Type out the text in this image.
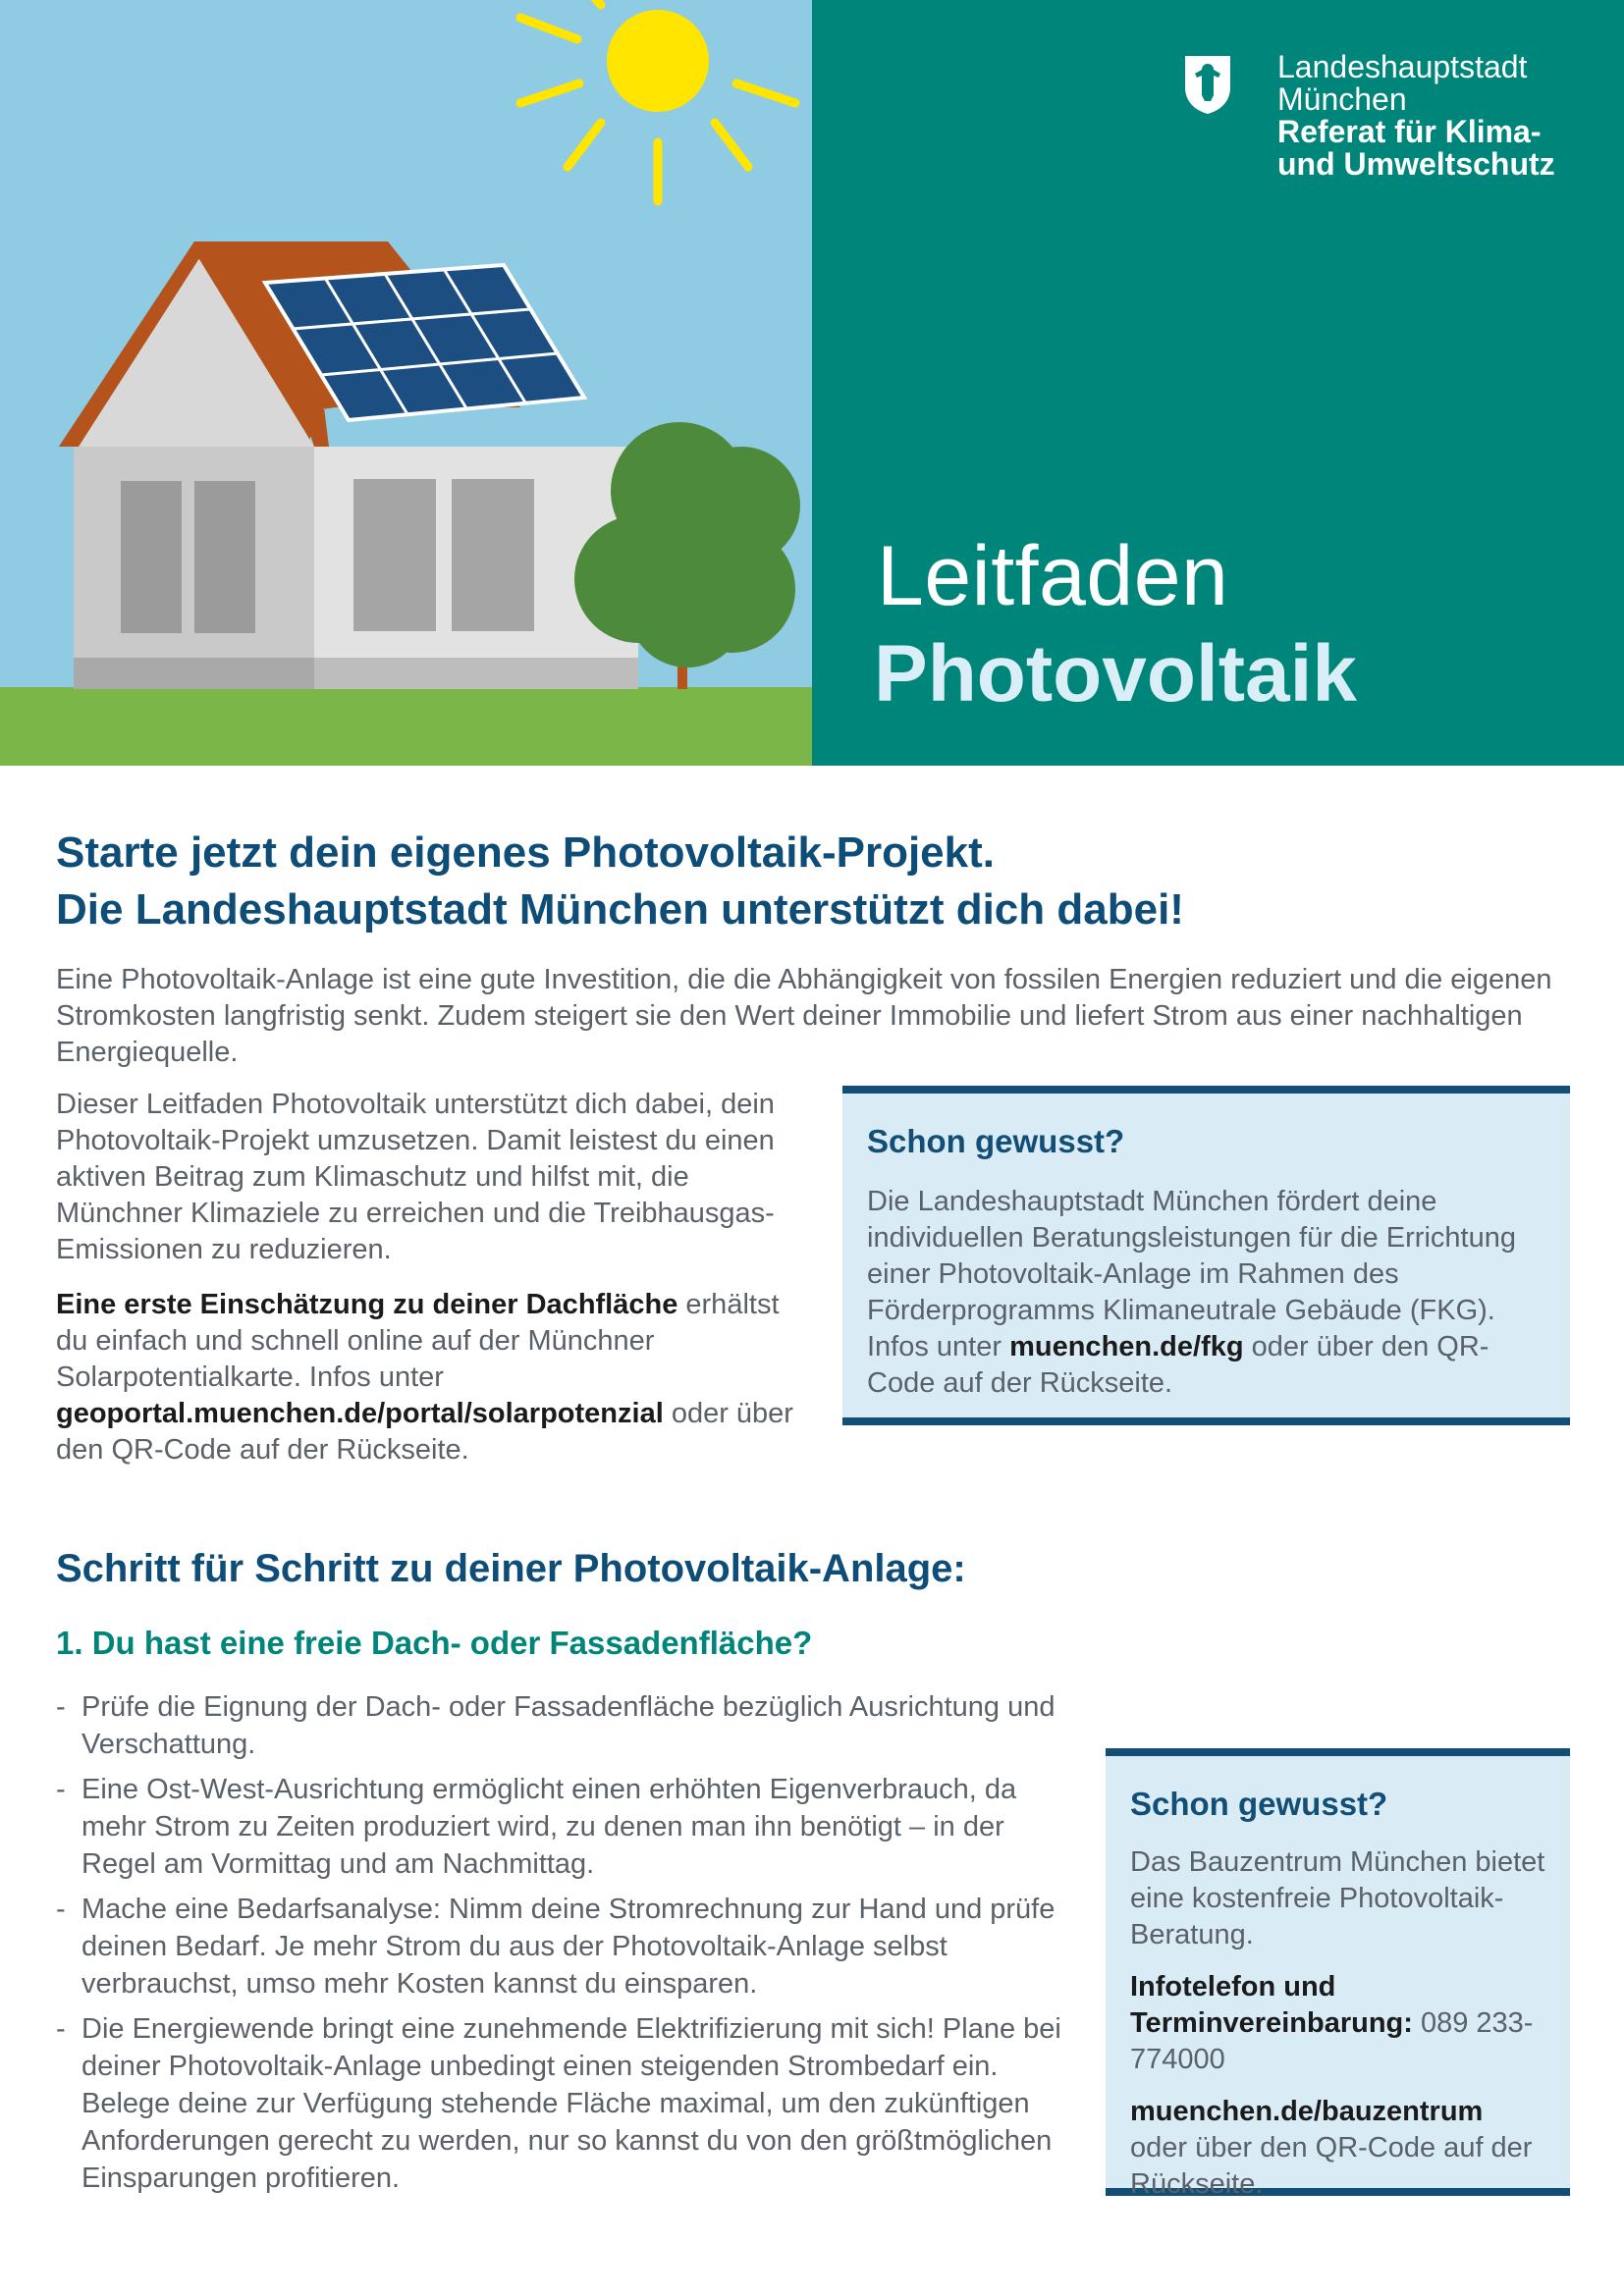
Landeshauptstadt
München
Referat für Klima-
und Umweltschutz
Leitfaden
Photovoltaik
Starte jetzt dein eigenes Photovoltaik-Projekt.
Die Landeshauptstadt München unterstützt dich dabei!

Eine Photovoltaik-Anlage ist eine gute Investition, die die Abhängigkeit von fossilen Energien reduziert und die eigenen Stromkosten langfristig senkt. Zudem steigert sie den Wert deiner Immobilie und liefert Strom aus einer nachhaltigen Energiequelle.

Dieser Leitfaden Photovoltaik unterstützt dich dabei, dein Photovoltaik-Projekt umzusetzen. Damit leistest du einen aktiven Beitrag zum Klimaschutz und hilfst mit, die Münchner Klimaziele zu erreichen und die Treibhausgas-Emissionen zu reduzieren.

Eine erste Einschätzung zu deiner Dachfläche erhältst du einfach und schnell online auf der Münchner Solarpotentialkarte. Infos unter geoportal.muenchen.de/portal/solarpotenzial oder über den QR-Code auf der Rückseite.

Schon gewusst?

Die Landeshauptstadt München fördert deine individuellen Beratungsleistungen für die Errichtung einer Photovoltaik-Anlage im Rahmen des Förderprogramms Klimaneutrale Gebäude (FKG). Infos unter muenchen.de/fkg oder über den QR-Code auf der Rückseite.

Schritt für Schritt zu deiner Photovoltaik-Anlage:
1. Du hast eine freie Dach- oder Fassadenfläche?
- Prüfe die Eignung der Dach- oder Fassadenfläche bezüglich Ausrichtung und Verschattung.
- Eine Ost-West-Ausrichtung ermöglicht einen erhöhten Eigenverbrauch, da mehr Strom zu Zeiten produziert wird, zu denen man ihn benötigt – in der Regel am Vormittag und am Nachmittag.
- Mache eine Bedarfsanalyse: Nimm deine Stromrechnung zur Hand und prüfe deinen Bedarf. Je mehr Strom du aus der Photovoltaik-Anlage selbst verbrauchst, umso mehr Kosten kannst du einsparen.
- Die Energiewende bringt eine zunehmende Elektrifizierung mit sich! Plane bei deiner Photovoltaik-Anlage unbedingt einen steigenden Strombedarf ein. Belege deine zur Verfügung stehende Fläche maximal, um den zukünftigen Anforderungen gerecht zu werden, nur so kannst du von den größtmöglichen Einsparungen profitieren.
Schon gewusst?

Das Bauzentrum München bietet eine kostenfreie Photovoltaik-Beratung.

Infotelefon und Terminvereinbarung: 089 233-774000

muenchen.de/bauzentrum
oder über den QR-Code auf der Rückseite.
